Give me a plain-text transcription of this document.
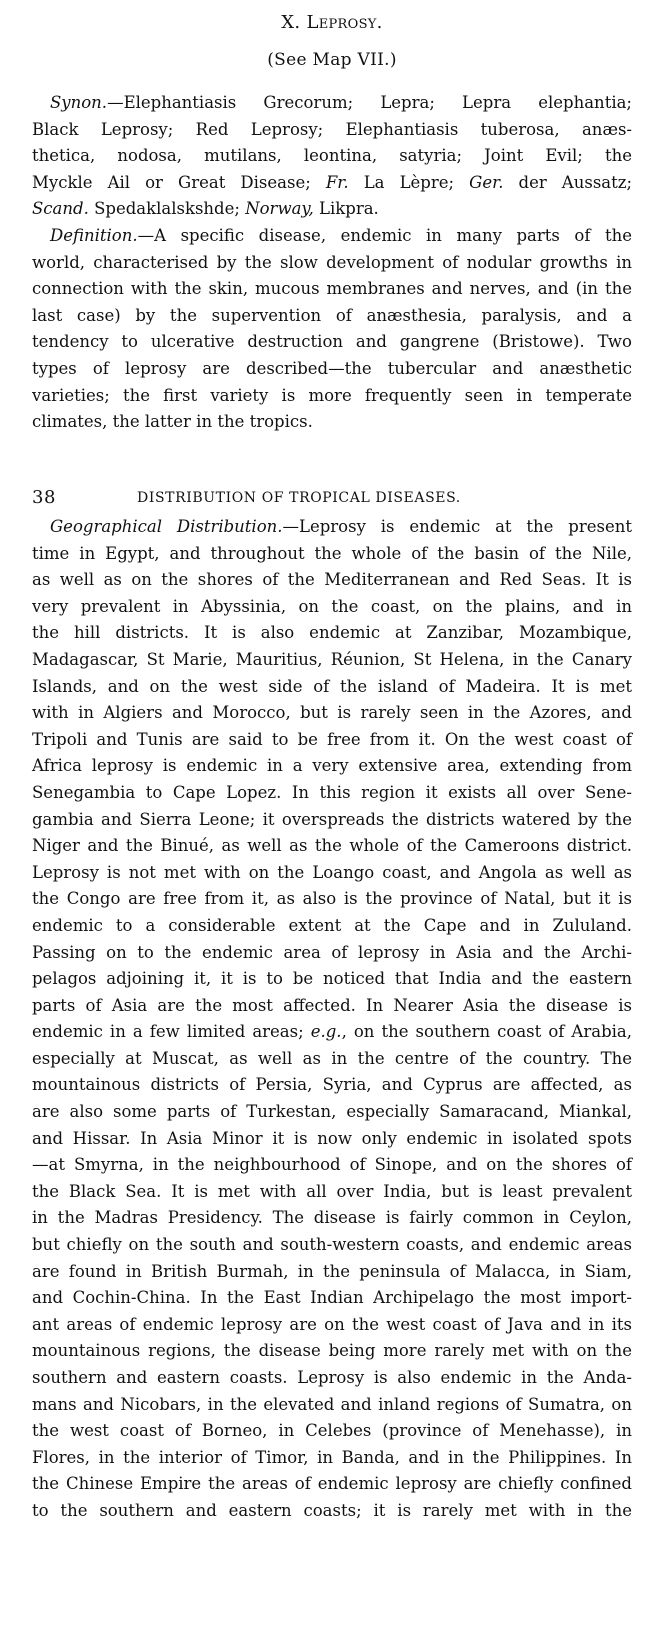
X. Leprosy.
(See Map VII.)
Synon.—Elephantiasis Grecorum; Lepra; Lepra elephantia;
Black Leprosy; Red Leprosy; Elephantiasis tuberosa, anæs-
thetica, nodosa, mutilans, leontina, satyria; Joint Evil; the
Myckle Ail or Great Disease; Fr. La Lèpre; Ger. der Aussatz;
Scand. Spedaklalskshde; Norway, Likpra.
Definition.—A specific disease, endemic in many parts of the
world, characterised by the slow development of nodular growths in
connection with the skin, mucous membranes and nerves, and (in the
last case) by the supervention of anæsthesia, paralysis, and a
tendency to ulcerative destruction and gangrene (Bristowe). Two
types of leprosy are described—the tubercular and anæsthetic
varieties; the first variety is more frequently seen in temperate
climates, the latter in the tropics.
38	DISTRIBUTION OF TROPICAL DISEASES.
Geographical Distribution.—Leprosy is endemic at the present
time in Egypt, and throughout the whole of the basin of the Nile,
as well as on the shores of the Mediterranean and Red Seas. It is
very prevalent in Abyssinia, on the coast, on the plains, and in
the hill districts. It is also endemic at Zanzibar, Mozambique,
Madagascar, St Marie, Mauritius, Réunion, St Helena, in the Canary
Islands, and on the west side of the island of Madeira. It is met
with in Algiers and Morocco, but is rarely seen in the Azores, and
Tripoli and Tunis are said to be free from it. On the west coast of
Africa leprosy is endemic in a very extensive area, extending from
Senegambia to Cape Lopez. In this region it exists all over Sene-
gambia and Sierra Leone; it overspreads the districts watered by the
Niger and the Binué, as well as the whole of the Cameroons district.
Leprosy is not met with on the Loango coast, and Angola as well as
the Congo are free from it, as also is the province of Natal, but it is
endemic to a considerable extent at the Cape and in Zululand.
Passing on to the endemic area of leprosy in Asia and the Archi-
pelagos adjoining it, it is to be noticed that India and the eastern
parts of Asia are the most affected. In Nearer Asia the disease is
endemic in a few limited areas; e.g., on the southern coast of Arabia,
especially at Muscat, as well as in the centre of the country. The
mountainous districts of Persia, Syria, and Cyprus are affected, as
are also some parts of Turkestan, especially Samaracand, Miankal,
and Hissar. In Asia Minor it is now only endemic in isolated spots
—at Smyrna, in the neighbourhood of Sinope, and on the shores of
the Black Sea. It is met with all over India, but is least prevalent
in the Madras Presidency. The disease is fairly common in Ceylon,
but chiefly on the south and south-western coasts, and endemic areas
are found in British Burmah, in the peninsula of Malacca, in Siam,
and Cochin-China. In the East Indian Archipelago the most import-
ant areas of endemic leprosy are on the west coast of Java and in its
mountainous regions, the disease being more rarely met with on the
southern and eastern coasts. Leprosy is also endemic in the Anda-
mans and Nicobars, in the elevated and inland regions of Sumatra, on
the west coast of Borneo, in Celebes (province of Menehasse), in
Flores, in the interior of Timor, in Banda, and in the Philippines. In
the Chinese Empire the areas of endemic leprosy are chiefly confined
to the southern and eastern coasts; it is rarely met with in the
